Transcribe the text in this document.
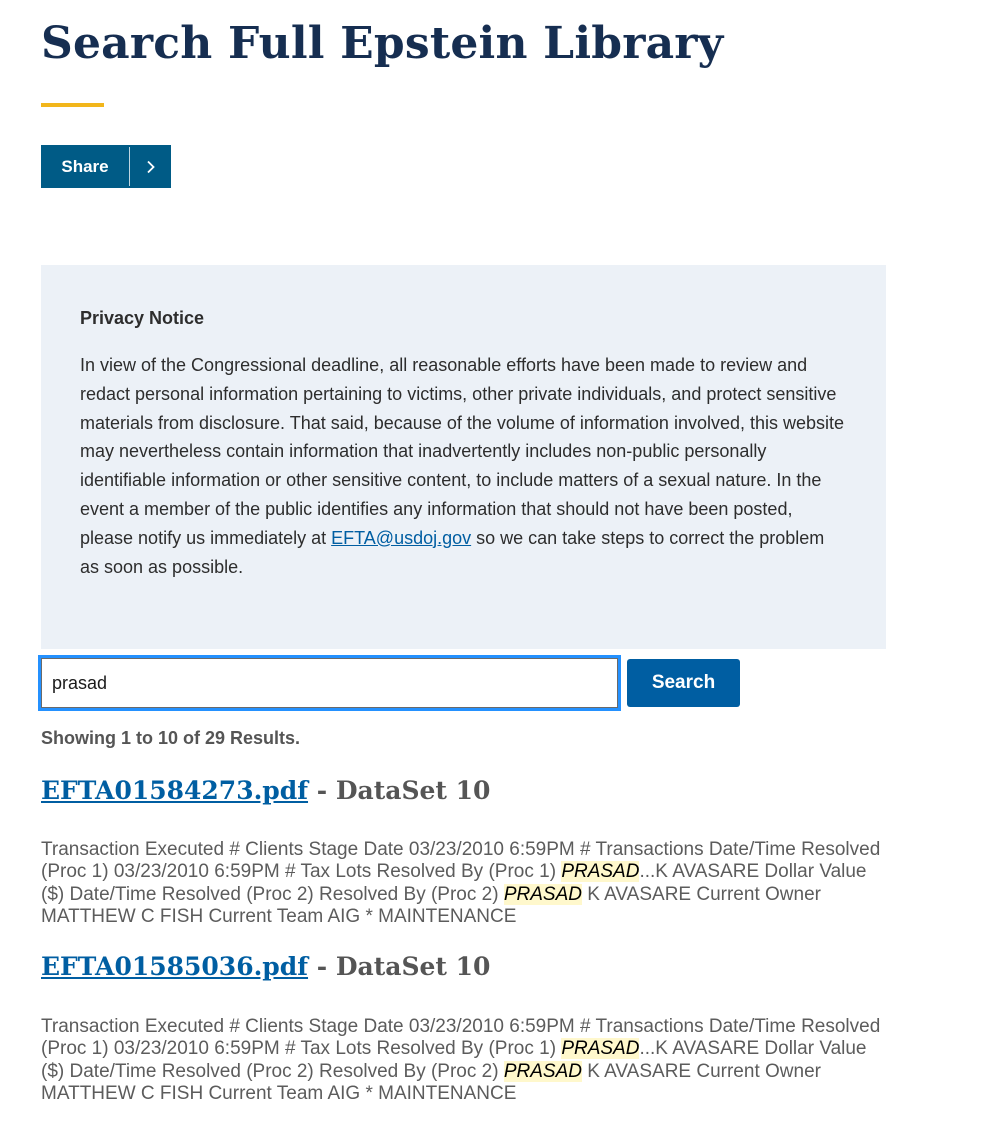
Search Full Epstein Library
Share
Privacy Notice

In view of the Congressional deadline, all reasonable efforts have been made to review and redact personal information pertaining to victims, other private individuals, and protect sensitive materials from disclosure. That said, because of the volume of information involved, this website may nevertheless contain information that inadvertently includes non-public personally identifiable information or other sensitive content, to include matters of a sexual nature. In the event a member of the public identifies any information that should not have been posted, please notify us immediately at EFTA@usdoj.gov so we can take steps to correct the problem as soon as possible.

prasad
Search

Showing 1 to 10 of 29 Results.

EFTA01584273.pdf - DataSet 10

Transaction Executed # Clients Stage Date 03/23/2010 6:59PM # Transactions Date/Time Resolved (Proc 1) 03/23/2010 6:59PM # Tax Lots Resolved By (Proc 1) PRASAD...K AVASARE Dollar Value ($) Date/Time Resolved (Proc 2) Resolved By (Proc 2) PRASAD K AVASARE Current Owner MATTHEW C FISH Current Team AIG * MAINTENANCE

EFTA01585036.pdf - DataSet 10

Transaction Executed # Clients Stage Date 03/23/2010 6:59PM # Transactions Date/Time Resolved (Proc 1) 03/23/2010 6:59PM # Tax Lots Resolved By (Proc 1) PRASAD...K AVASARE Dollar Value ($) Date/Time Resolved (Proc 2) Resolved By (Proc 2) PRASAD K AVASARE Current Owner MATTHEW C FISH Current Team AIG * MAINTENANCE
